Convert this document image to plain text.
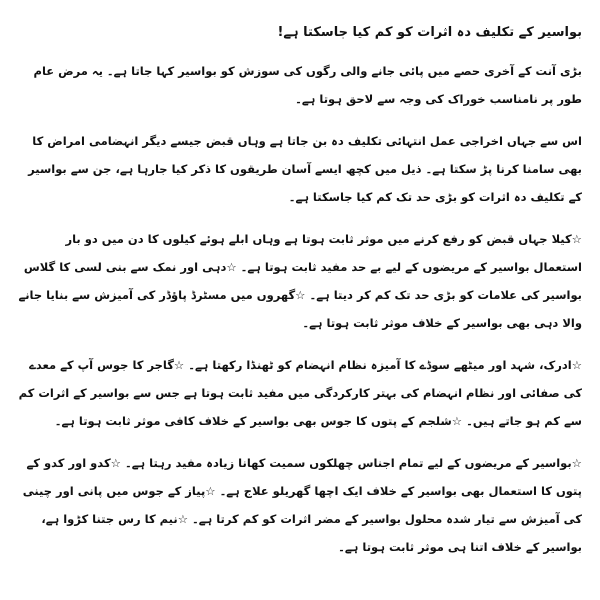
بواسیر کے تکلیف دہ اثرات کو کم کیا جاسکتا ہے!

بڑی آنت کے آخری حصے میں پائی جانے والی رگوں کی سوزش کو بواسیر کہا جاتا ہے۔ یہ مرض عام طور پر نامناسب خوراک کی وجہ سے لاحق ہوتا ہے۔

اس سے جہاں اخراجی عمل انتہائی تکلیف دہ بن جاتا ہے وہاں قبض جیسے دیگر انہضامی امراض کا بھی سامنا کرنا پڑ سکتا ہے۔ ذیل میں کچھ ایسے آسان طریقوں کا ذکر کیا جارہا ہے، جن سے بواسیر کے تکلیف دہ اثرات کو بڑی حد تک کم کیا جاسکتا ہے۔

☆کیلا جہاں قبض کو رفع کرنے میں موثر ثابت ہوتا ہے وہاں ابلے ہوئے کیلوں کا دن میں دو بار استعمال بواسیر کے مریضوں کے لیے بے حد مفید ثابت ہوتا ہے۔ ☆دہی اور نمک سے بنی لسی کا گلاس بواسیر کی علامات کو بڑی حد تک کم کر دیتا ہے۔ ☆گھروں میں مسٹرڈ پاؤڈر کی آمیزش سے بنایا جانے والا دہی بھی بواسیر کے خلاف موثر ثابت ہوتا ہے۔

☆ادرک، شہد اور میٹھے سوڈے کا آمیزہ نظام انہضام کو ٹھنڈا رکھتا ہے۔ ☆گاجر کا جوس آپ کے معدے کی صفائی اور نظام انہضام کی بہتر کارکردگی میں مفید ثابت ہوتا ہے جس سے بواسیر کے اثرات کم سے کم ہو جاتے ہیں۔ ☆شلجم کے پتوں کا جوس بھی بواسیر کے خلاف کافی موثر ثابت ہوتا ہے۔

☆بواسیر کے مریضوں کے لیے تمام اجناس چھلکوں سمیت کھانا زیادہ مفید رہتا ہے۔ ☆کدو اور کدو کے پتوں کا استعمال بھی بواسیر کے خلاف ایک اچھا گھریلو علاج ہے۔ ☆پیاز کے جوس میں پانی اور چینی کی آمیزش سے تیار شدہ محلول بواسیر کے مضر اثرات کو کم کرتا ہے۔ ☆نیم کا رس جتنا کڑوا ہے، بواسیر کے خلاف اتنا ہی موثر ثابت ہوتا ہے۔
